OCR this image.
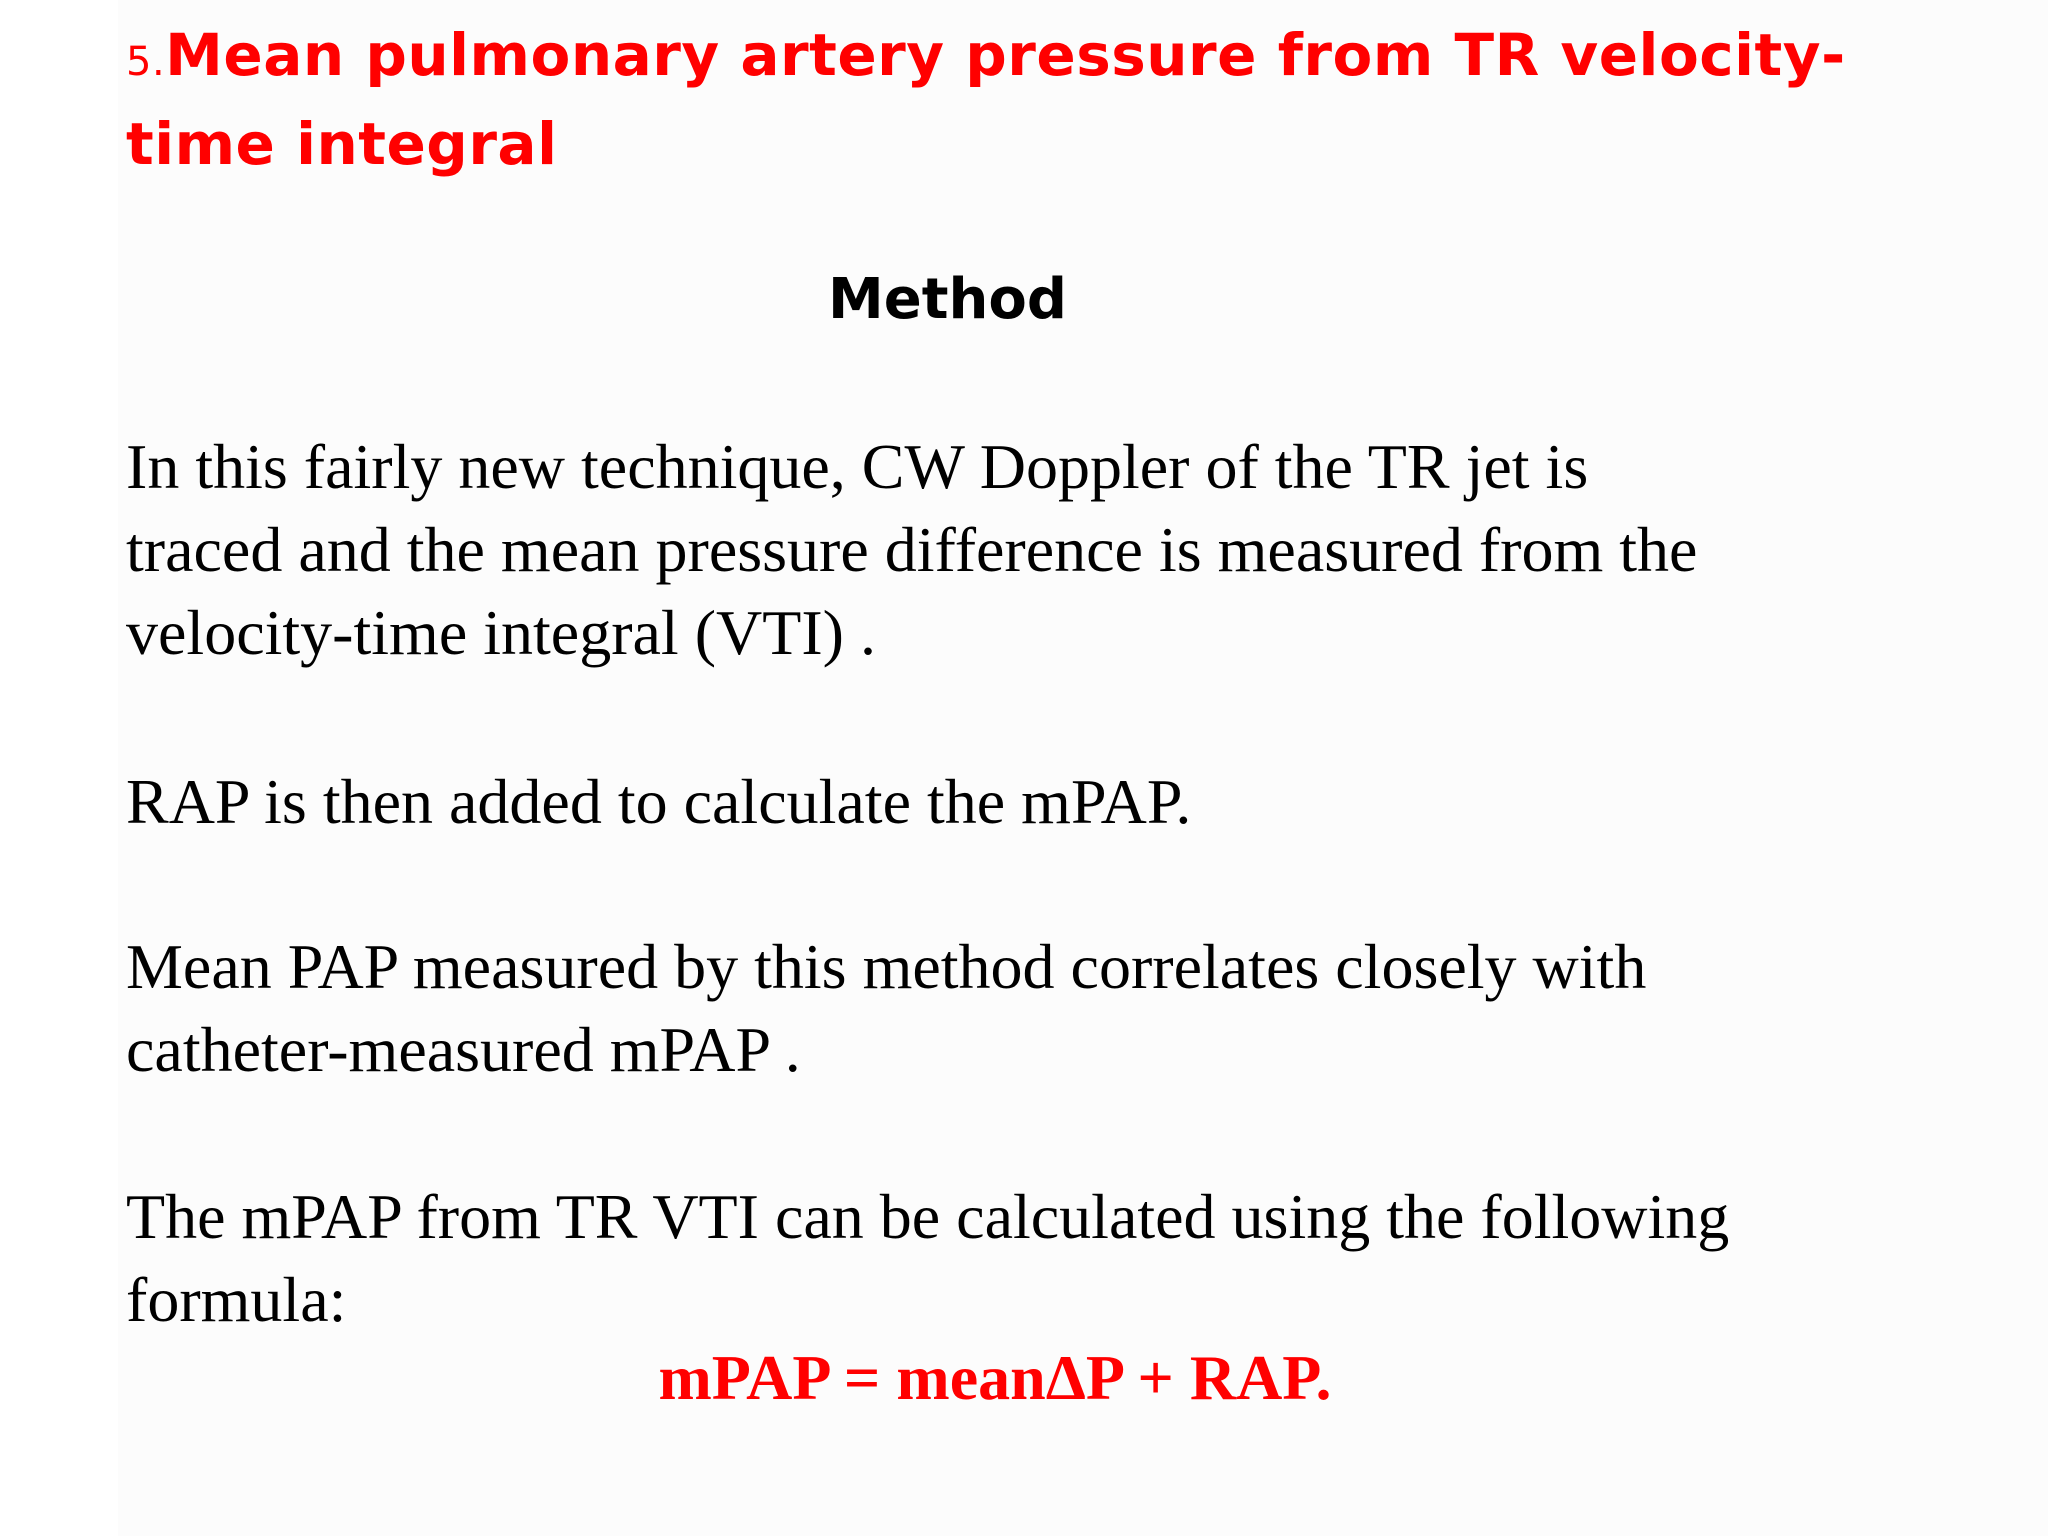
5.Mean pulmonary artery pressure from TR velocity-
time integral
Method

In this fairly new technique, CW Doppler of the TR jet is
traced and the mean pressure difference is measured from the
velocity-time integral (VTI) .

RAP is then added to calculate the mPAP.

Mean PAP measured by this method correlates closely with
catheter-measured mPAP .

The mPAP from TR VTI can be calculated using the following
formula:

mPAP = meanΔP + RAP.
